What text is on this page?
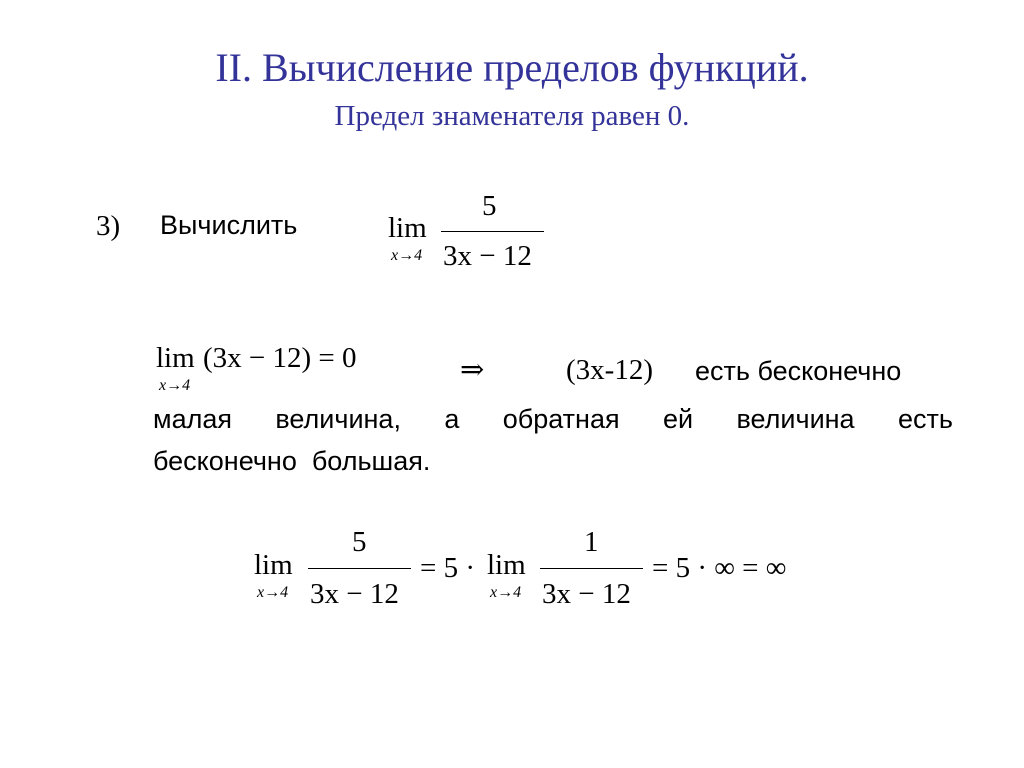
II. Вычисление пределов функций.
Предел знаменателя равен 0.
3) Вычислить	lim
x→4
5
3x − 12
lim
x→4
(3x − 12) = 0	⇒	(3x-12) есть бесконечно
малая величина, а обратная ей величина есть
бесконечно  большая.
lim
x→4
5
3x − 12
= 5 · lim
x→4
1
3x − 12
= 5 · ∞ = ∞
